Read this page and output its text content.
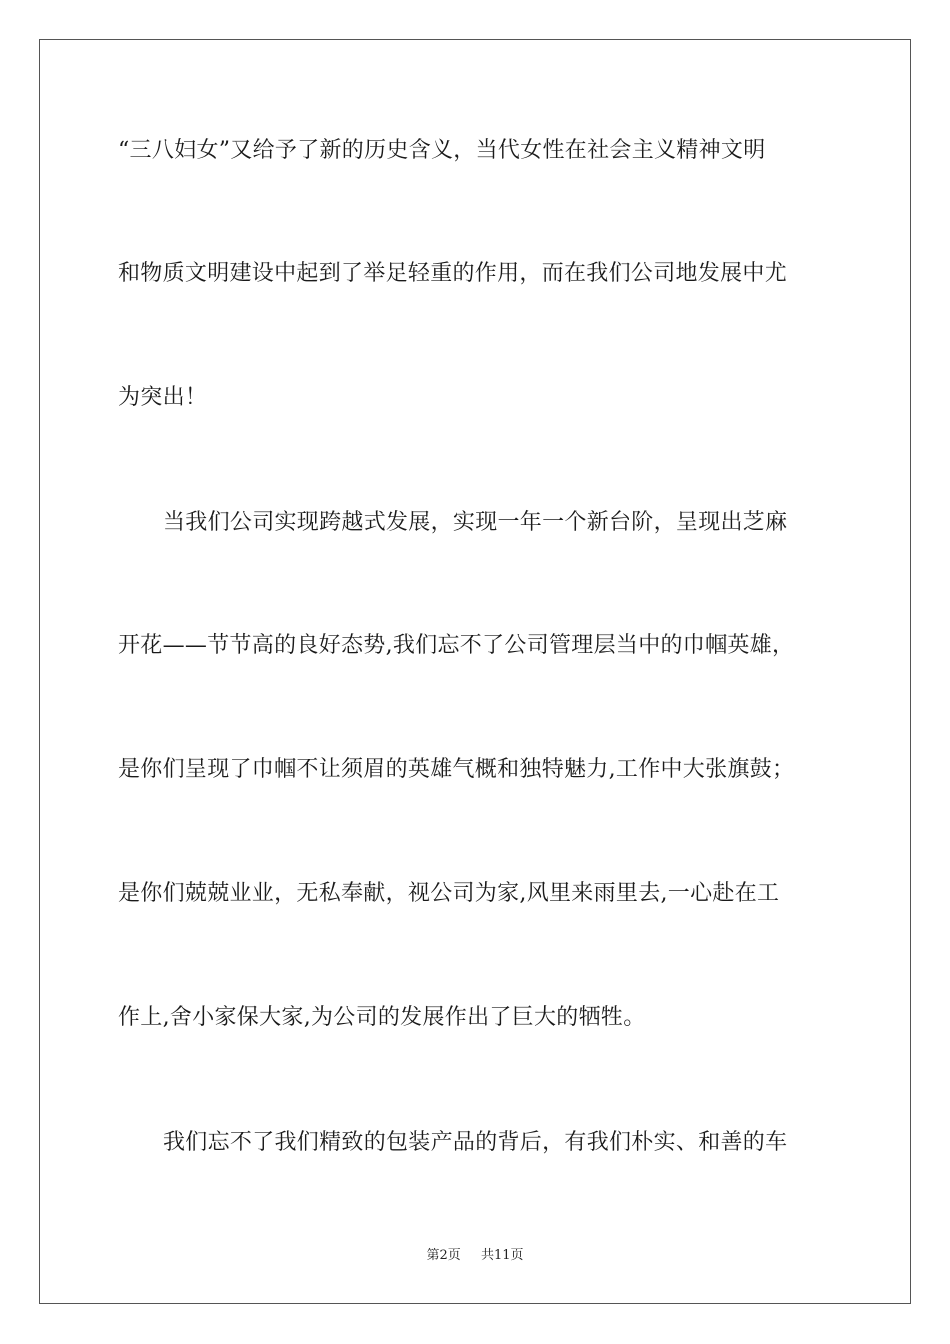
“三八妇女”又给予了新的历史含义，当代女性在社会主义精神文明
和物质文明建设中起到了举足轻重的作用，而在我们公司地发展中尤
为突出！
当我们公司实现跨越式发展，实现一年一个新台阶，呈现出芝麻
开花——节节高的良好态势,我们忘不了公司管理层当中的巾帼英雄，
是你们呈现了巾帼不让须眉的英雄气概和独特魅力,工作中大张旗鼓；
是你们兢兢业业，无私奉献，视公司为家,风里来雨里去,一心赴在工
作上,舍小家保大家,为公司的发展作出了巨大的牺牲。
我们忘不了我们精致的包装产品的背后，有我们朴实、和善的车
第2页 共11页
